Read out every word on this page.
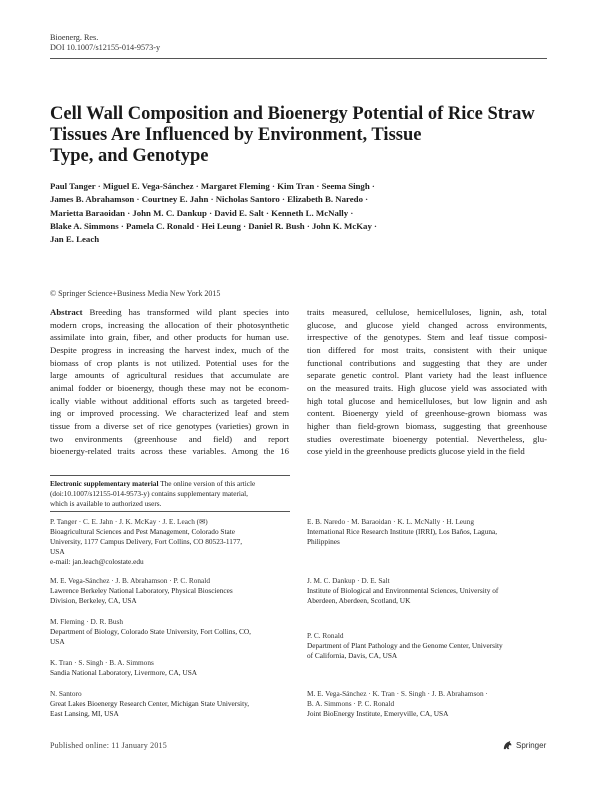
Bioenerg. Res.
DOI 10.1007/s12155-014-9573-y
Cell Wall Composition and Bioenergy Potential of Rice Straw
Tissues Are Influenced by Environment, Tissue
Type, and Genotype
Paul Tanger · Miguel E. Vega-Sánchez · Margaret Fleming · Kim Tran · Seema Singh ·
James B. Abrahamson · Courtney E. Jahn · Nicholas Santoro · Elizabeth B. Naredo ·
Marietta Baraoidan · John M. C. Dankup · David E. Salt · Kenneth L. McNally ·
Blake A. Simmons · Pamela C. Ronald · Hei Leung · Daniel R. Bush · John K. McKay ·
Jan E. Leach
© Springer Science+Business Media New York 2015
Abstract Breeding has transformed wild plant species into
modern crops, increasing the allocation of their photosynthetic
assimilate into grain, fiber, and other products for human use.
Despite progress in increasing the harvest index, much of the
biomass of crop plants is not utilized. Potential uses for the
large amounts of agricultural residues that accumulate are
animal fodder or bioenergy, though these may not be econom-
ically viable without additional efforts such as targeted breed-
ing or improved processing. We characterized leaf and stem
tissue from a diverse set of rice genotypes (varieties) grown in
two environments (greenhouse and field) and report
bioenergy-related traits across these variables. Among the 16
traits measured, cellulose, hemicelluloses, lignin, ash, total
glucose, and glucose yield changed across environments,
irrespective of the genotypes. Stem and leaf tissue composi-
tion differed for most traits, consistent with their unique
functional contributions and suggesting that they are under
separate genetic control. Plant variety had the least influence
on the measured traits. High glucose yield was associated with
high total glucose and hemicelluloses, but low lignin and ash
content. Bioenergy yield of greenhouse-grown biomass was
higher than field-grown biomass, suggesting that greenhouse
studies overestimate bioenergy potential. Nevertheless, glu-
cose yield in the greenhouse predicts glucose yield in the field
Electronic supplementary material The online version of this article
(doi:10.1007/s12155-014-9573-y) contains supplementary material,
which is available to authorized users.
P. Tanger · C. E. Jahn · J. K. McKay · J. E. Leach (✉)
Bioagricultural Sciences and Pest Management, Colorado State
University, 1177 Campus Delivery, Fort Collins, CO 80523-1177,
USA
e-mail: jan.leach@colostate.edu
M. E. Vega-Sánchez · J. B. Abrahamson · P. C. Ronald
Lawrence Berkeley National Laboratory, Physical Biosciences
Division, Berkeley, CA, USA
M. Fleming · D. R. Bush
Department of Biology, Colorado State University, Fort Collins, CO,
USA
K. Tran · S. Singh · B. A. Simmons
Sandia National Laboratory, Livermore, CA, USA
N. Santoro
Great Lakes Bioenergy Research Center, Michigan State University,
East Lansing, MI, USA
E. B. Naredo · M. Baraoidan · K. L. McNally · H. Leung
International Rice Research Institute (IRRI), Los Baños, Laguna,
Philippines
J. M. C. Dankup · D. E. Salt
Institute of Biological and Environmental Sciences, University of
Aberdeen, Aberdeen, Scotland, UK
P. C. Ronald
Department of Plant Pathology and the Genome Center, University
of California, Davis, CA, USA
M. E. Vega-Sánchez · K. Tran · S. Singh · J. B. Abrahamson ·
B. A. Simmons · P. C. Ronald
Joint BioEnergy Institute, Emeryville, CA, USA
Published online: 11 January 2015	Springer
